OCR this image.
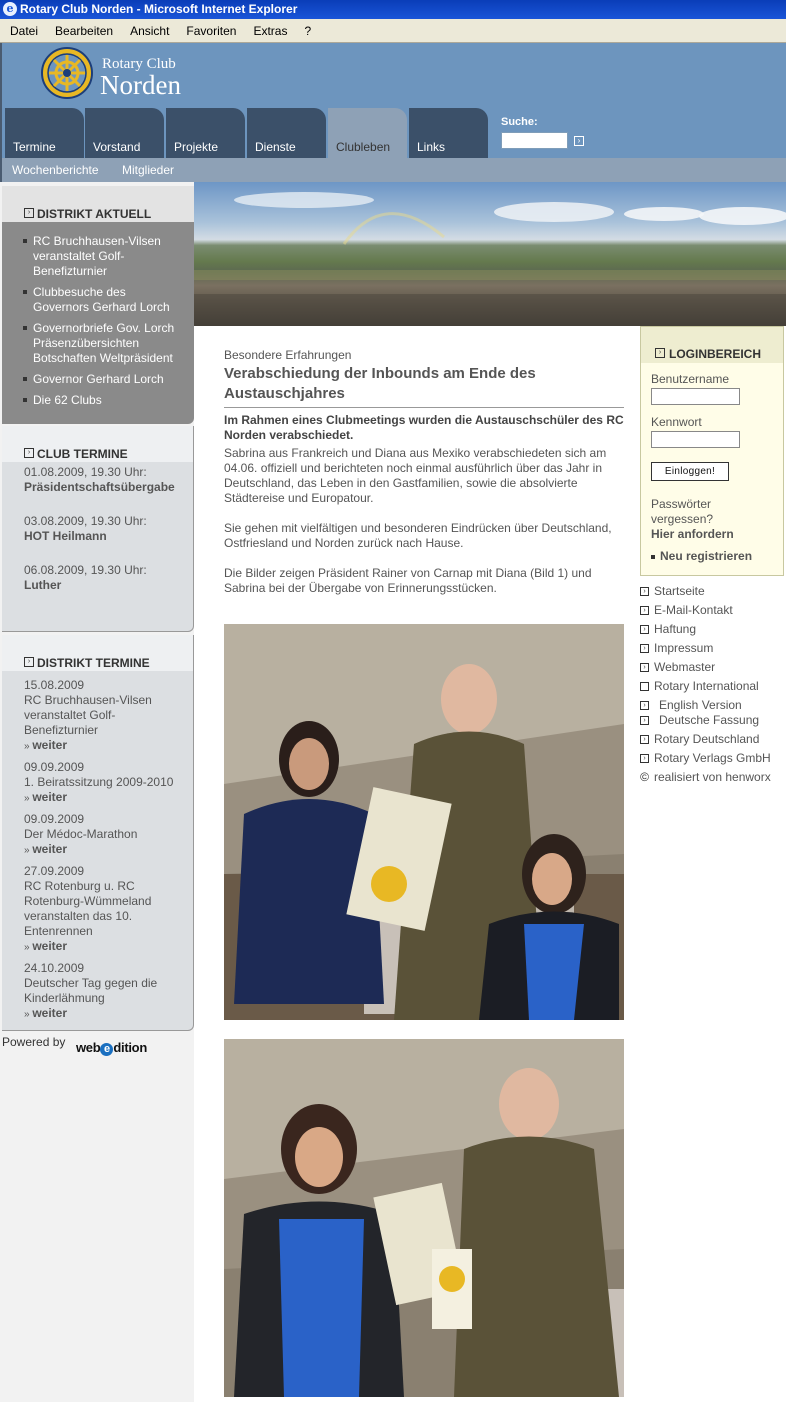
e Rotary Club Norden - Microsoft Internet Explorer
Datei Bearbeiten Ansicht Favoriten Extras ?
Rotary Club
Norden
Termine	Vorstand	Projekte	Dienste	Clubleben Links
Suche:
›
Wochenberichte Mitglieder
› DISTRIKT AKTUELL
RC Bruchhausen-Vilsen veranstaltet Golf-Benefizturnier
Clubbesuche des Governors Gerhard Lorch
Governorbriefe Gov. Lorch Präsenzübersichten Botschaften Weltpräsident
Governor Gerhard Lorch
Die 62 Clubs
› CLUB TERMINE
01.08.2009, 19.30 Uhr:
Präsidentschaftsübergabe
03.08.2009, 19.30 Uhr:
HOT Heilmann
06.08.2009, 19.30 Uhr:
Luther
› DISTRIKT TERMINE
15.08.2009
RC Bruchhausen-Vilsen veranstaltet Golf-Benefizturnier
» weiter
09.09.2009
1. Beiratssitzung 2009-2010
» weiter
09.09.2009
Der Médoc-Marathon
» weiter
27.09.2009
RC Rotenburg u. RC Rotenburg-Wümmeland veranstalten das 10. Entenrennen
» weiter
24.10.2009
Deutscher Tag gegen die Kinderlähmung
» weiter
Powered by web e dition
Besondere Erfahrungen
Verabschiedung der Inbounds am Ende des Austauschjahres
Im Rahmen eines Clubmeetings wurden die Austauschschüler des RC Norden verabschiedet.
Sabrina aus Frankreich und Diana aus Mexiko verabschiedeten sich am 04.06. offiziell und berichteten noch einmal ausführlich über das Jahr in Deutschland, das Leben in den Gastfamilien, sowie die absolvierte Städtereise und Europatour.
Sie gehen mit vielfältigen und besonderen Eindrücken über Deutschland, Ostfriesland und Norden zurück nach Hause.
Die Bilder zeigen Präsident Rainer von Carnap mit Diana (Bild 1) und Sabrina bei der Übergabe von Erinnerungsstücken.
› LOGINBEREICH
Benutzername
Kennwort
Einloggen!
Passwörter vergessen?
Hier anfordern
Neu registrieren
› Startseite
› E-Mail-Kontakt
› Haftung
› Impressum
› Webmaster
Rotary International
› English Version
› Deutsche Fassung
› Rotary Deutschland
› Rotary Verlags GmbH
© realisiert von henworx
